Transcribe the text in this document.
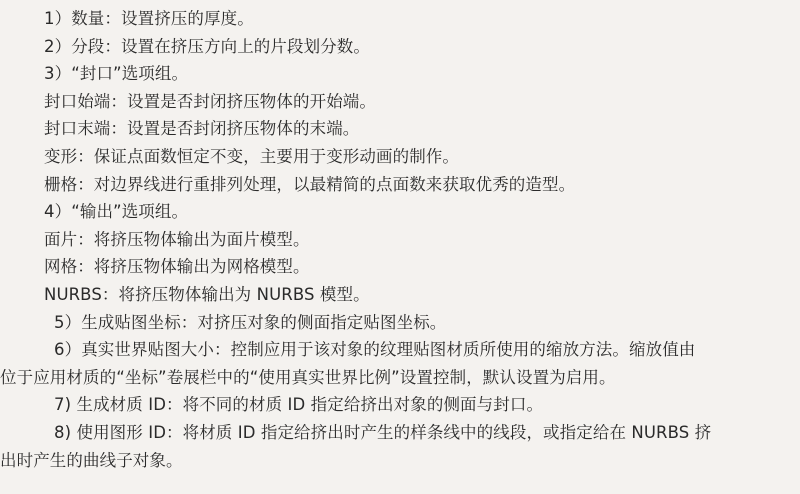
1）数量：设置挤压的厚度。
2）分段：设置在挤压方向上的片段划分数。
3）“封口”选项组。
封口始端：设置是否封闭挤压物体的开始端。
封口末端：设置是否封闭挤压物体的末端。
变形：保证点面数恒定不变，主要用于变形动画的制作。
栅格：对边界线进行重排列处理，以最精简的点面数来获取优秀的造型。
4）“输出”选项组。
面片：将挤压物体输出为面片模型。
网格：将挤压物体输出为网格模型。
NURBS：将挤压物体输出为 NURBS 模型。
5）生成贴图坐标：对挤压对象的侧面指定贴图坐标。
6）真实世界贴图大小：控制应用于该对象的纹理贴图材质所使用的缩放方法。缩放值由
位于应用材质的“坐标”卷展栏中的“使用真实世界比例”设置控制，默认设置为启用。
7) 生成材质 ID：将不同的材质 ID 指定给挤出对象的侧面与封口。
8) 使用图形 ID：将材质 ID 指定给挤出时产生的样条线中的线段，或指定给在 NURBS 挤
出时产生的曲线子对象。
